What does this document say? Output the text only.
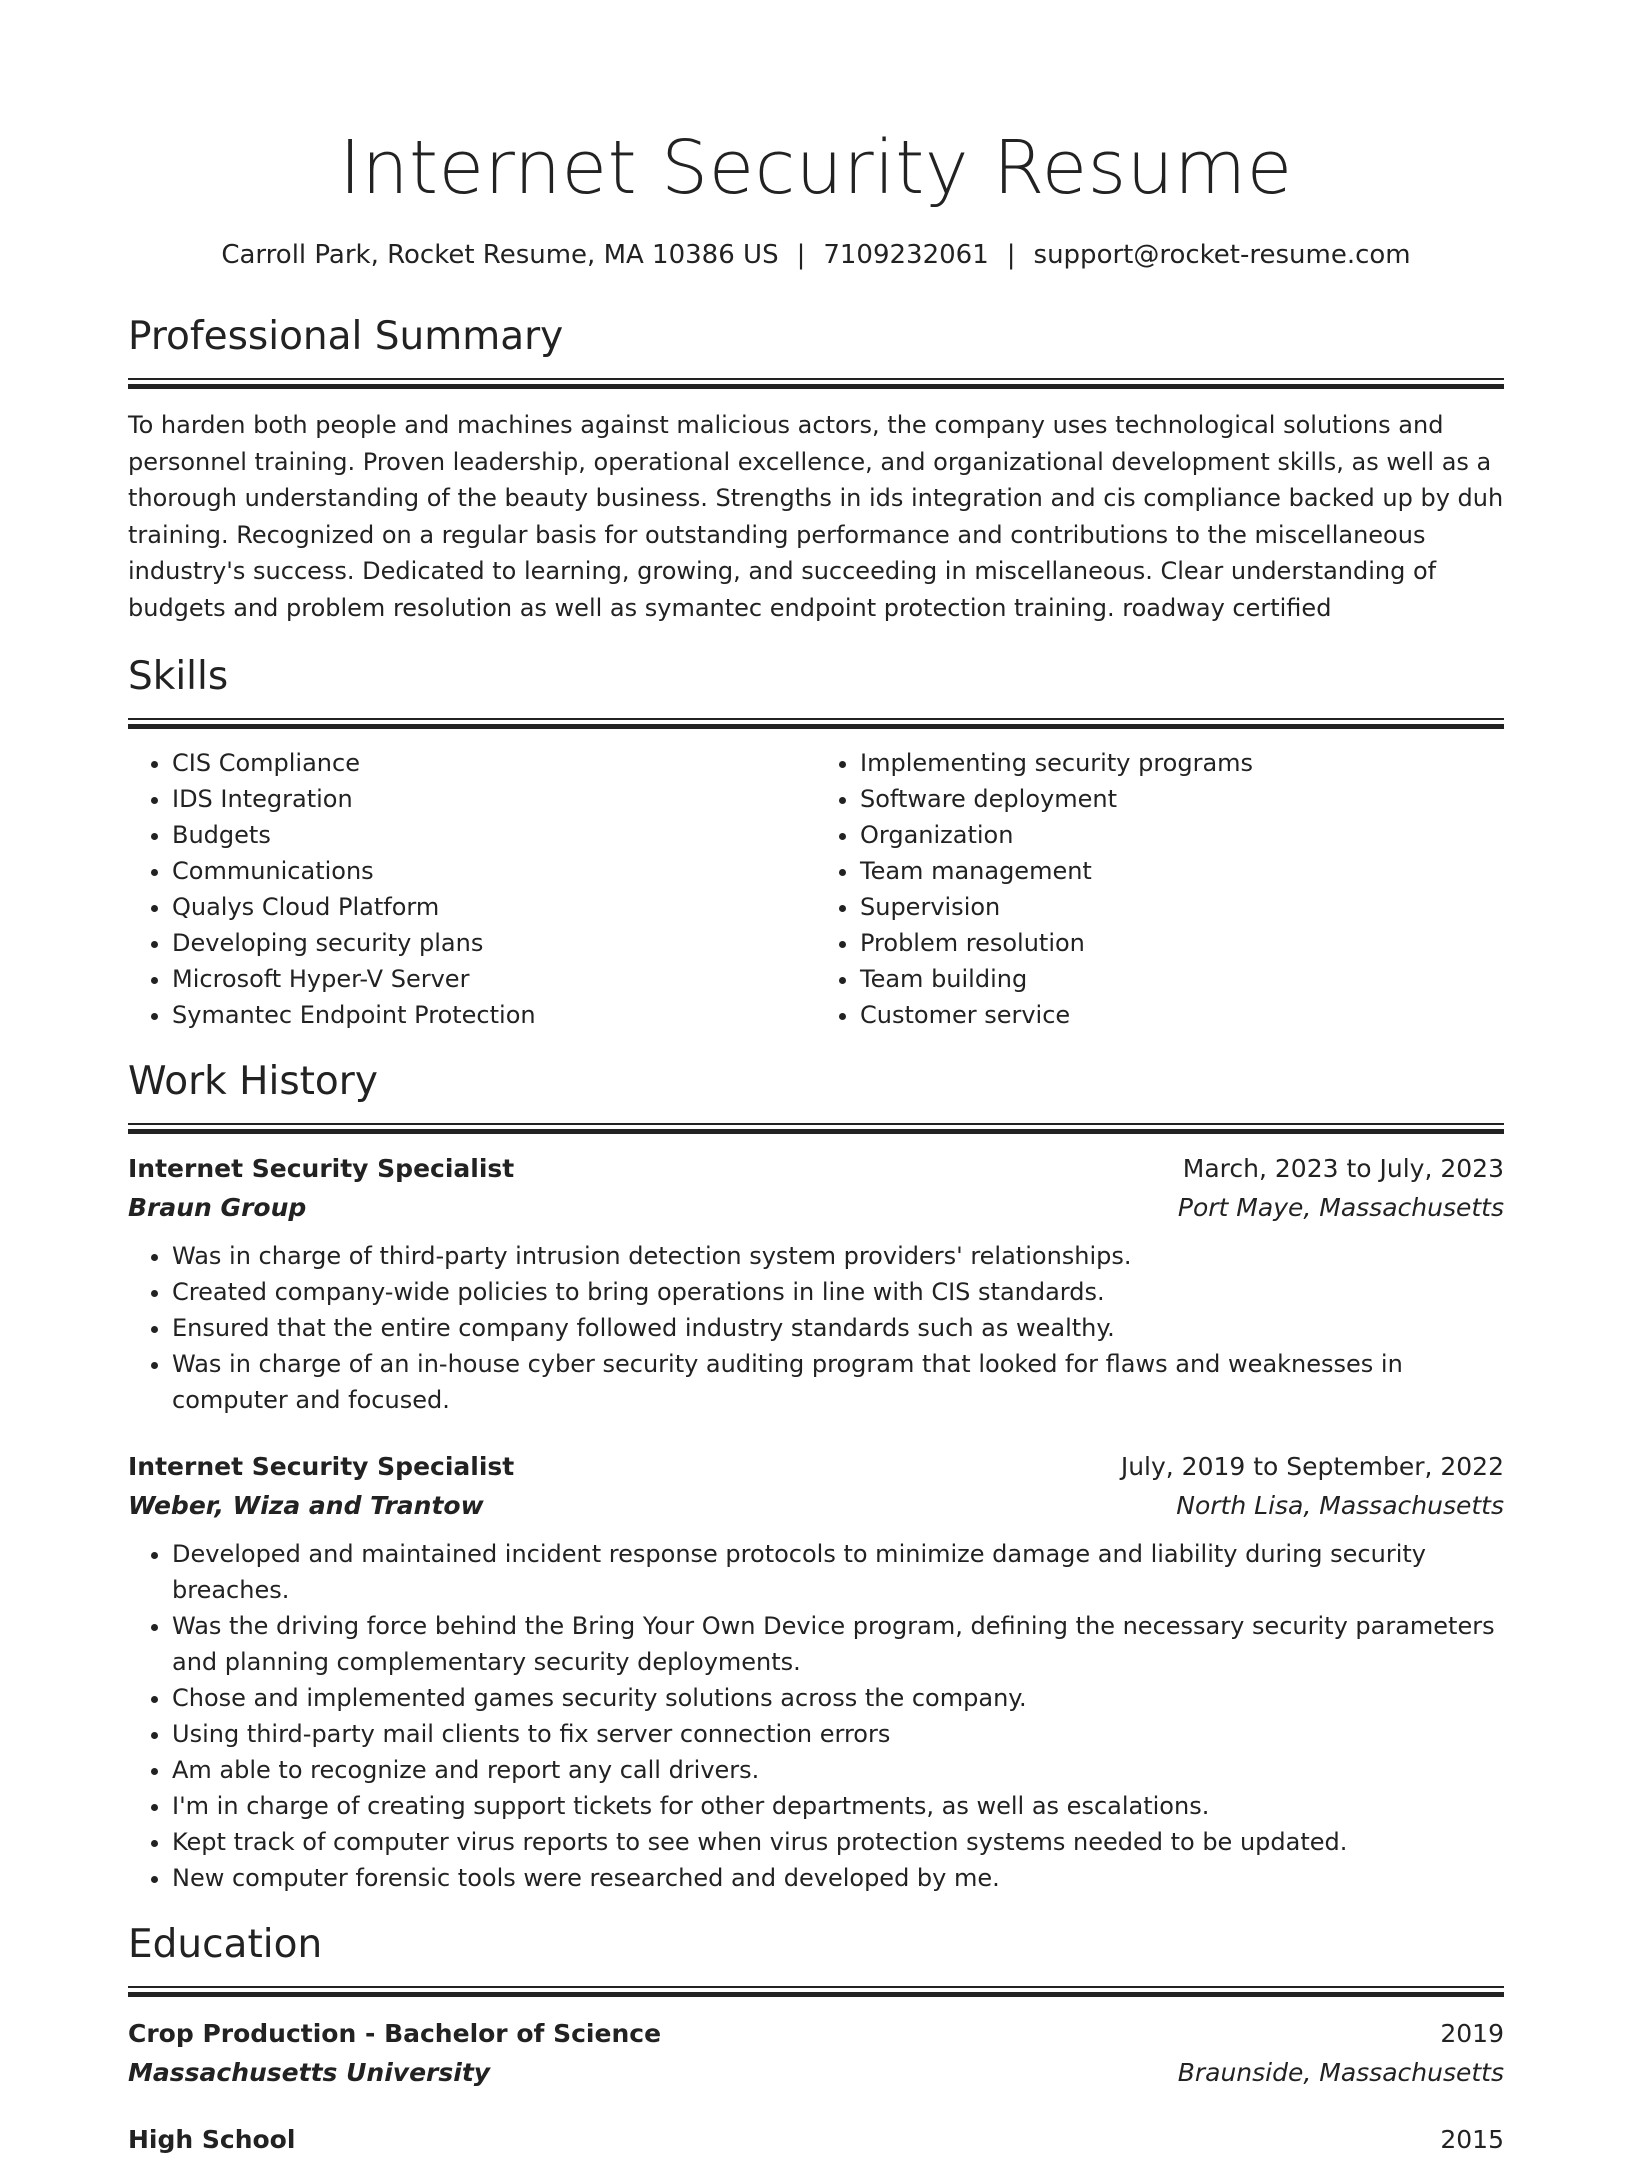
Internet Security Resume
Carroll Park, Rocket Resume, MA 10386 US | 7109232061 | support@rocket-resume.com
Professional Summary

To harden both people and machines against malicious actors, the company uses technological solutions and personnel training. Proven leadership, operational excellence, and organizational development skills, as well as a thorough understanding of the beauty business. Strengths in ids integration and cis compliance backed up by duh training. Recognized on a regular basis for outstanding performance and contributions to the miscellaneous industry's success. Dedicated to learning, growing, and succeeding in miscellaneous. Clear understanding of budgets and problem resolution as well as symantec endpoint protection training. roadway certified

Skills
• CIS Compliance
• IDS Integration
• Budgets
• Communications
• Qualys Cloud Platform
• Developing security plans
• Microsoft Hyper-V Server
• Symantec Endpoint Protection
• Implementing security programs
• Software deployment
• Organization
• Team management
• Supervision
• Problem resolution
• Team building
• Customer service
Work History
Internet Security Specialist	March, 2023 to July, 2023
Braun Group	Port Maye, Massachusetts
• Was in charge of third-party intrusion detection system providers' relationships.
• Created company-wide policies to bring operations in line with CIS standards.
• Ensured that the entire company followed industry standards such as wealthy.
• Was in charge of an in-house cyber security auditing program that looked for flaws and weaknesses in computer and focused.
Internet Security Specialist	July, 2019 to September, 2022
Weber, Wiza and Trantow	North Lisa, Massachusetts
• Developed and maintained incident response protocols to minimize damage and liability during security breaches.
• Was the driving force behind the Bring Your Own Device program, defining the necessary security parameters and planning complementary security deployments.
• Chose and implemented games security solutions across the company.
• Using third-party mail clients to fix server connection errors
• Am able to recognize and report any call drivers.
• I'm in charge of creating support tickets for other departments, as well as escalations.
• Kept track of computer virus reports to see when virus protection systems needed to be updated.
• New computer forensic tools were researched and developed by me.
Education
Crop Production - Bachelor of Science	2019
Massachusetts University	Braunside, Massachusetts
High School	2015
